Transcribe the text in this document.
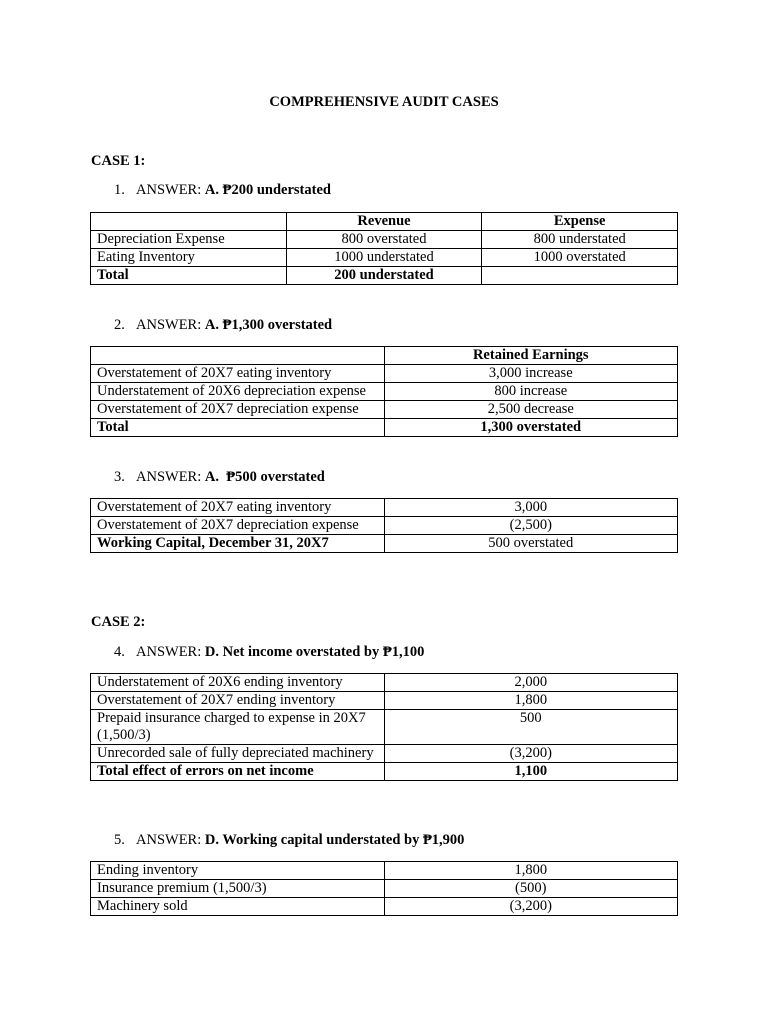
COMPREHENSIVE AUDIT CASES
CASE 1:
1. ANSWER: A. ₱200 understated
	Revenue	Expense
Depreciation Expense	800 overstated	800 understated
Eating Inventory	1000 understated	1000 overstated
Total	200 understated	
2. ANSWER: A. ₱1,300 overstated
	Retained Earnings
Overstatement of 20X7 eating inventory	3,000 increase
Understatement of 20X6 depreciation expense	800 increase
Overstatement of 20X7 depreciation expense	2,500 decrease
Total	1,300 overstated
3. ANSWER: A.  ₱500 overstated
Overstatement of 20X7 eating inventory	3,000
Overstatement of 20X7 depreciation expense	(2,500)
Working Capital, December 31, 20X7	500 overstated
CASE 2:
4. ANSWER: D. Net income overstated by ₱1,100
Understatement of 20X6 ending inventory	2,000
Overstatement of 20X7 ending inventory	1,800
Prepaid insurance charged to expense in 20X7 (1,500/3)	500
Unrecorded sale of fully depreciated machinery	(3,200)
Total effect of errors on net income	1,100
5. ANSWER: D. Working capital understated by ₱1,900
Ending inventory	1,800
Insurance premium (1,500/3)	(500)
Machinery sold	(3,200)
